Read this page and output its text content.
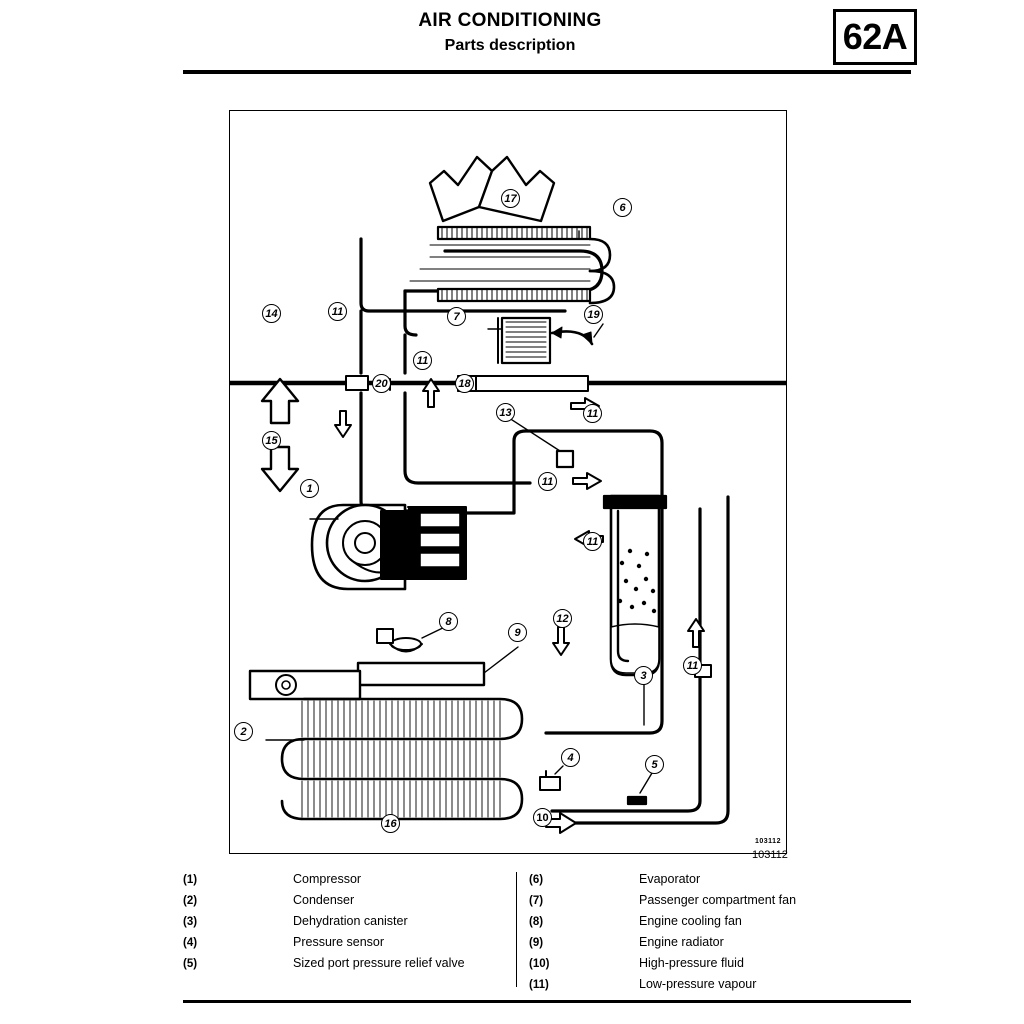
AIR CONDITIONING
Parts description	62A
1
2
3
4
5
6
7
8
9
10
11
11
11
11
11
11
12
13
14
15
16
17
18
19
20
103112
103112
(1)	Compressor
(2)	Condenser
(3)	Dehydration canister
(4)	Pressure sensor
(5)	Sized port pressure relief valve
(6)	Evaporator
(7)	Passenger compartment fan
(8)	Engine cooling fan
(9)	Engine radiator
(10)	High-pressure fluid
(11)	Low-pressure vapour
